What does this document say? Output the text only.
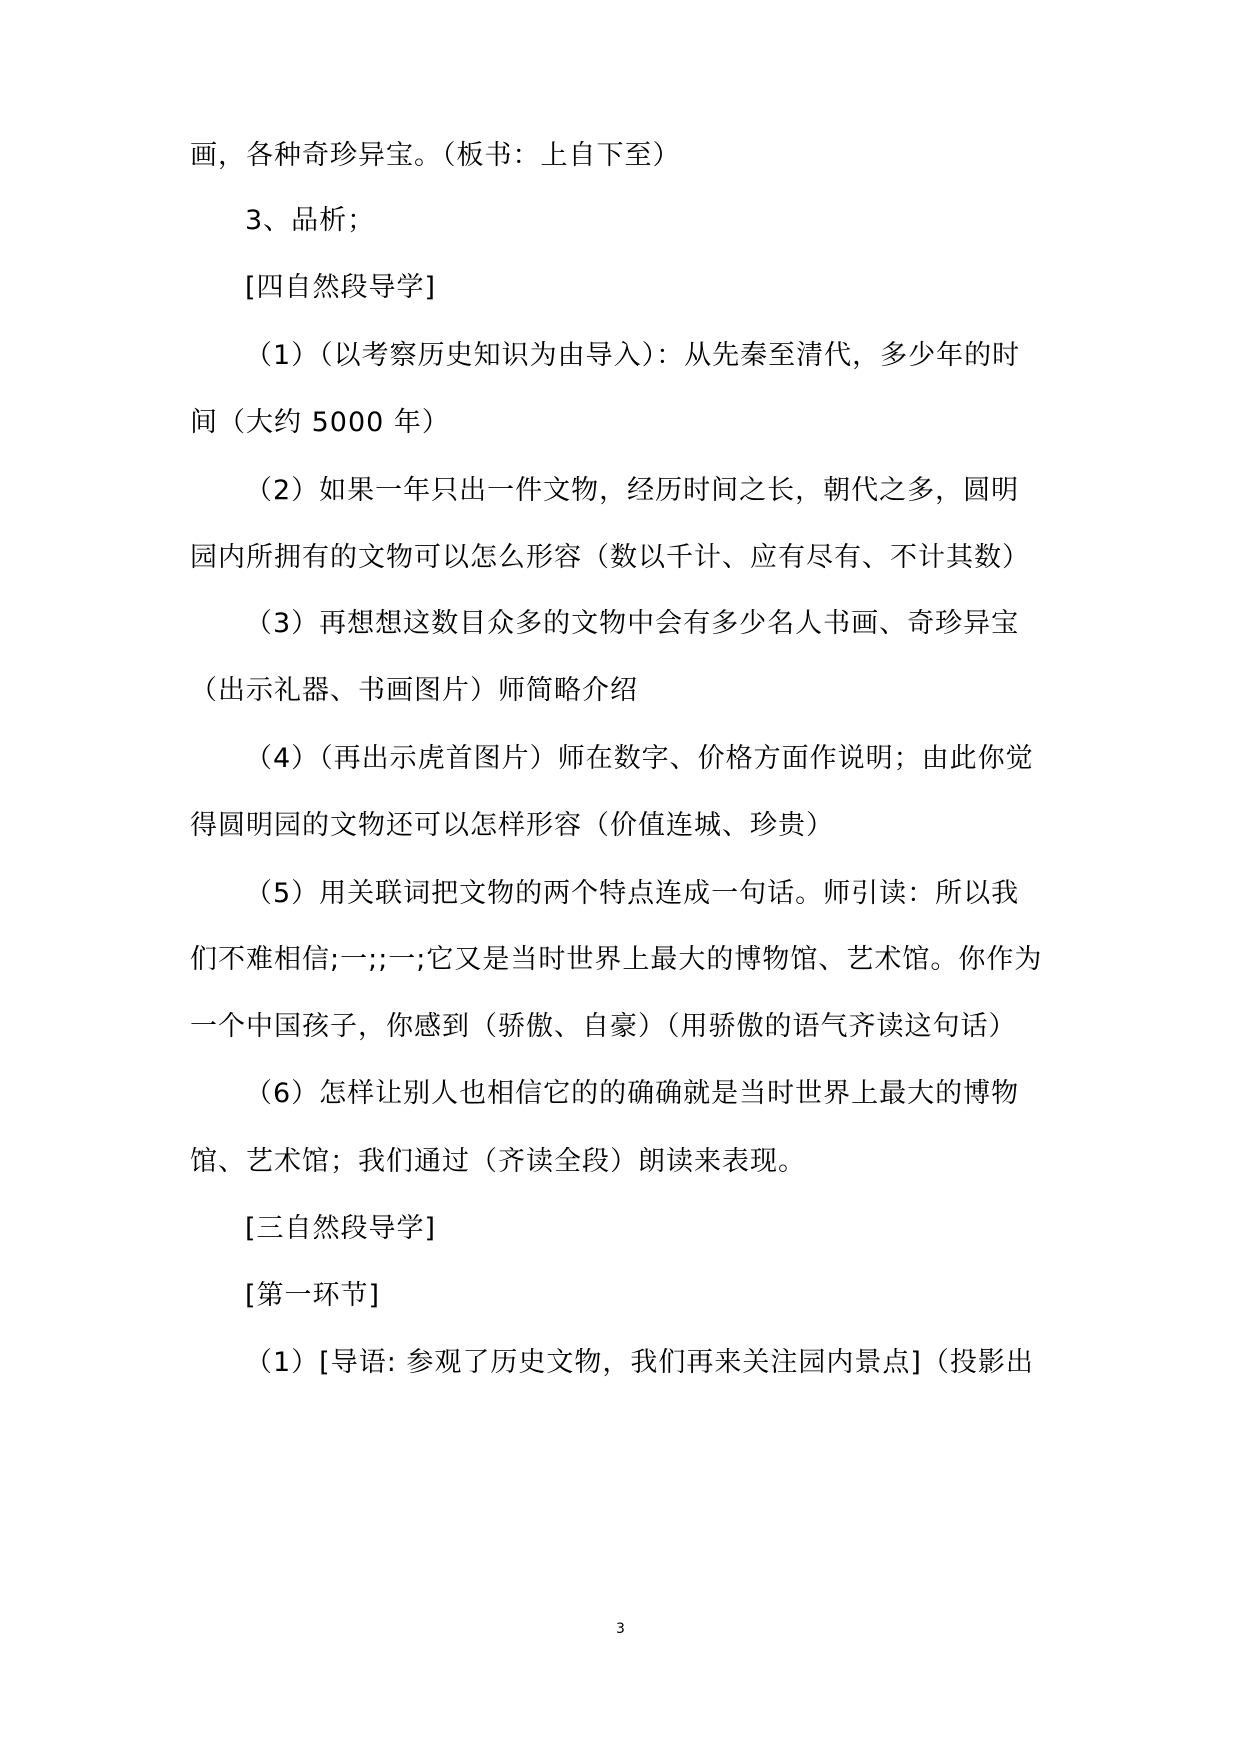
画，各种奇珍异宝。（板书：上自下至）
3、品析；
[四自然段导学]
（1）（以考察历史知识为由导入）：从先秦至清代，多少年的时
间（大约 5000 年）
（2）如果一年只出一件文物，经历时间之长，朝代之多，圆明
园内所拥有的文物可以怎么形容（数以千计、应有尽有、不计其数）
（3）再想想这数目众多的文物中会有多少名人书画、奇珍异宝
（出示礼器、书画图片）师简略介绍
（4）（再出示虎首图片）师在数字、价格方面作说明；由此你觉
得圆明园的文物还可以怎样形容（价值连城、珍贵）
（5）用关联词把文物的两个特点连成一句话。师引读：所以我
们不难相信;一;;一;它又是当时世界上最大的博物馆、艺术馆。你作为
一个中国孩子，你感到（骄傲、自豪）（用骄傲的语气齐读这句话）
（6）怎样让别人也相信它的的确确就是当时世界上最大的博物
馆、艺术馆；我们通过（齐读全段）朗读来表现。
[三自然段导学]
[第一环节]
（1）[导语: 参观了历史文物，我们再来关注园内景点]（投影出
3
